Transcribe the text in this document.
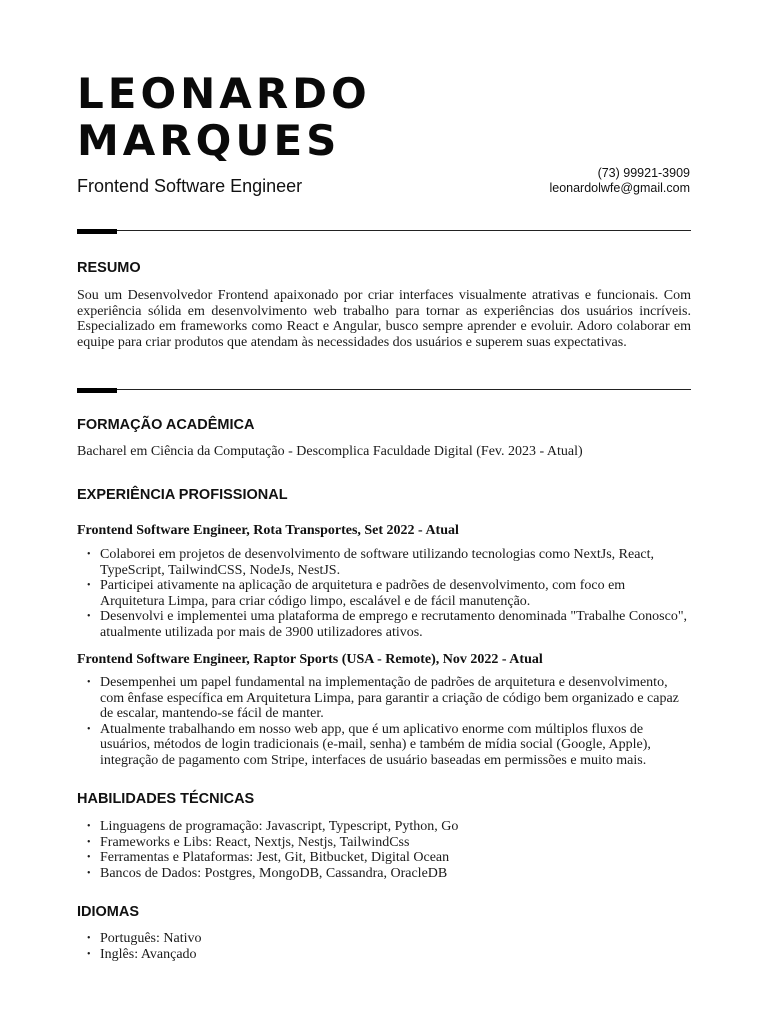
LEONARDO
MARQUES
Frontend Software Engineer
(73) 99921-3909
leonardolwfe@gmail.com
RESUMO

Sou um Desenvolvedor Frontend apaixonado por criar interfaces visualmente atrativas e funcionais. Com experiência sólida em desenvolvimento web trabalho para tornar as experiências dos usuários incríveis. Especializado em frameworks como React e Angular, busco sempre aprender e evoluir. Adoro colaborar em equipe para criar produtos que atendam às necessidades dos usuários e superem suas expectativas.

FORMAÇÃO ACADÊMICA

Bacharel em Ciência da Computação - Descomplica Faculdade Digital (Fev. 2023 - Atual)

EXPERIÊNCIA PROFISSIONAL
Frontend Software Engineer, Rota Transportes, Set 2022 - Atual
• Colaborei em projetos de desenvolvimento de software utilizando tecnologias como NextJs, React, TypeScript, TailwindCSS, NodeJs, NestJS.
• Participei ativamente na aplicação de arquitetura e padrões de desenvolvimento, com foco em Arquitetura Limpa, para criar código limpo, escalável e de fácil manutenção.
• Desenvolvi e implementei uma plataforma de emprego e recrutamento denominada "Trabalhe Conosco", atualmente utilizada por mais de 3900 utilizadores ativos.
Frontend Software Engineer, Raptor Sports (USA - Remote), Nov 2022 - Atual
• Desempenhei um papel fundamental na implementação de padrões de arquitetura e desenvolvimento, com ênfase específica em Arquitetura Limpa, para garantir a criação de código bem organizado e capaz de escalar, mantendo-se fácil de manter.
• Atualmente trabalhando em nosso web app, que é um aplicativo enorme com múltiplos fluxos de usuários, métodos de login tradicionais (e-mail, senha) e também de mídia social (Google, Apple), integração de pagamento com Stripe, interfaces de usuário baseadas em permissões e muito mais.
HABILIDADES TÉCNICAS
• Linguagens de programação: Javascript, Typescript, Python, Go
• Frameworks e Libs: React, Nextjs, Nestjs, TailwindCss
• Ferramentas e Plataformas: Jest, Git, Bitbucket, Digital Ocean
• Bancos de Dados: Postgres, MongoDB, Cassandra, OracleDB
IDIOMAS
• Português: Nativo
• Inglês: Avançado
